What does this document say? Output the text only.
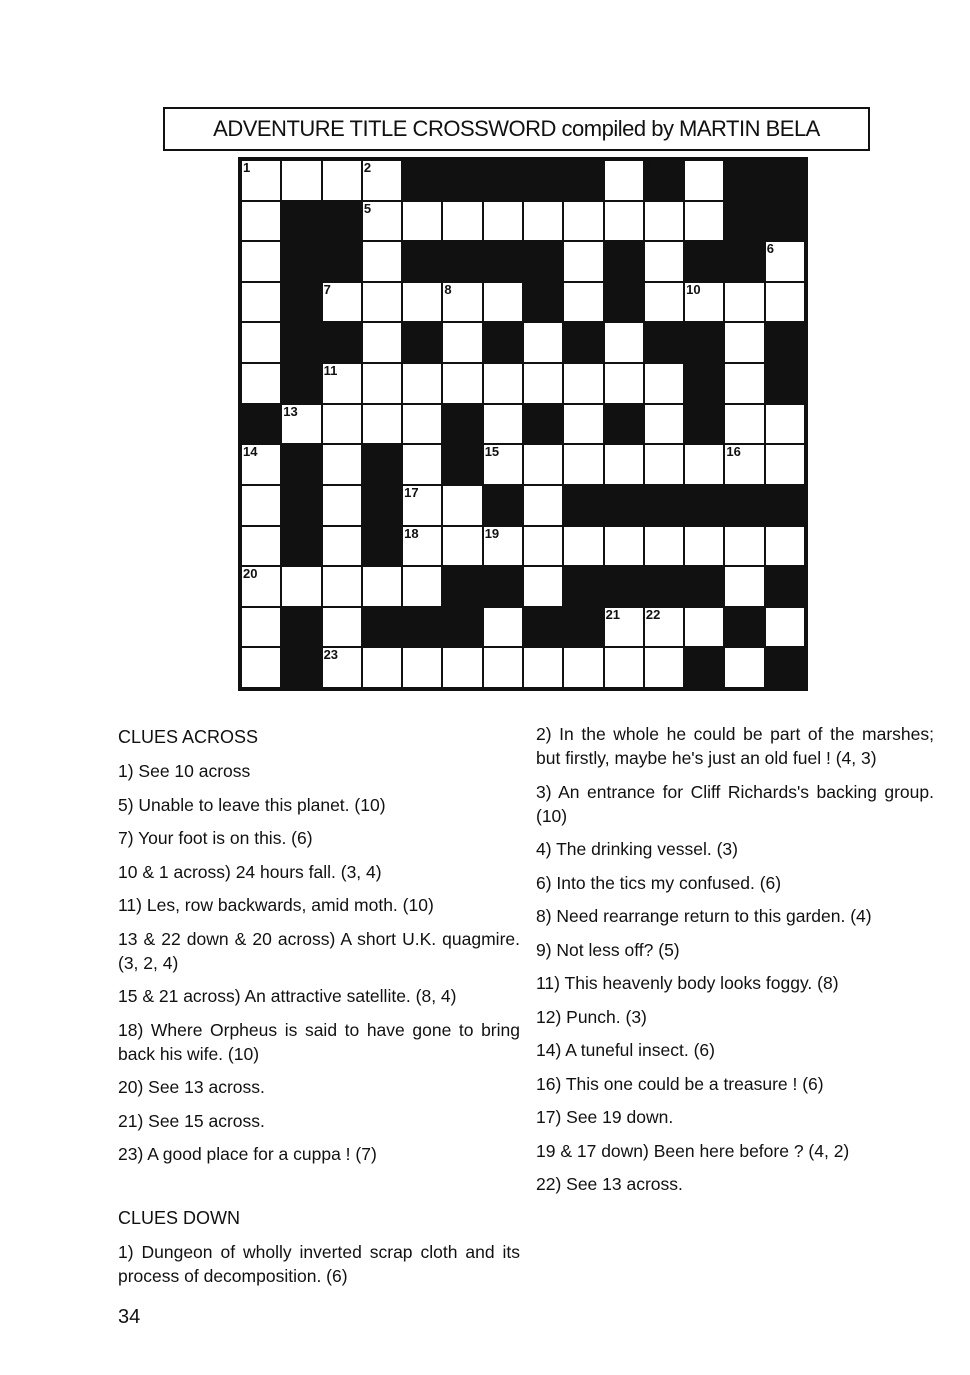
ADVENTURE TITLE CROSSWORD compiled by MARTIN BELA
1	2	3	4
5
6
7	8	9	10
11	12
13
14	15	16
17
18	19
20
21 22
23
CLUES ACROSS
1) See 10 across
5) Unable to leave this planet. (10)
7) Your foot is on this. (6)
10 & 1 across) 24 hours fall. (3, 4)
11) Les, row backwards, amid moth. (10)
13 & 22 down & 20 across) A short U.K. quagmire. (3, 2, 4)
15 & 21 across) An attractive satellite. (8, 4)
18) Where Orpheus is said to have gone to bring back his wife. (10)
20) See 13 across.
21) See 15 across.
23) A good place for a cuppa ! (7)
CLUES DOWN
1) Dungeon of wholly inverted scrap cloth and its process of decomposition. (6)
2) In the whole he could be part of the marshes; but firstly, maybe he's just an old fuel ! (4, 3)
3) An entrance for Cliff Richards's backing group. (10)
4) The drinking vessel. (3)
6) Into the tics my confused. (6)
8) Need rearrange return to this garden. (4)
9) Not less off? (5)
11) This heavenly body looks foggy. (8)
12) Punch. (3)
14) A tuneful insect. (6)
16) This one could be a treasure ! (6)
17) See 19 down.
19 & 17 down) Been here before ? (4, 2)
22) See 13 across.
34
